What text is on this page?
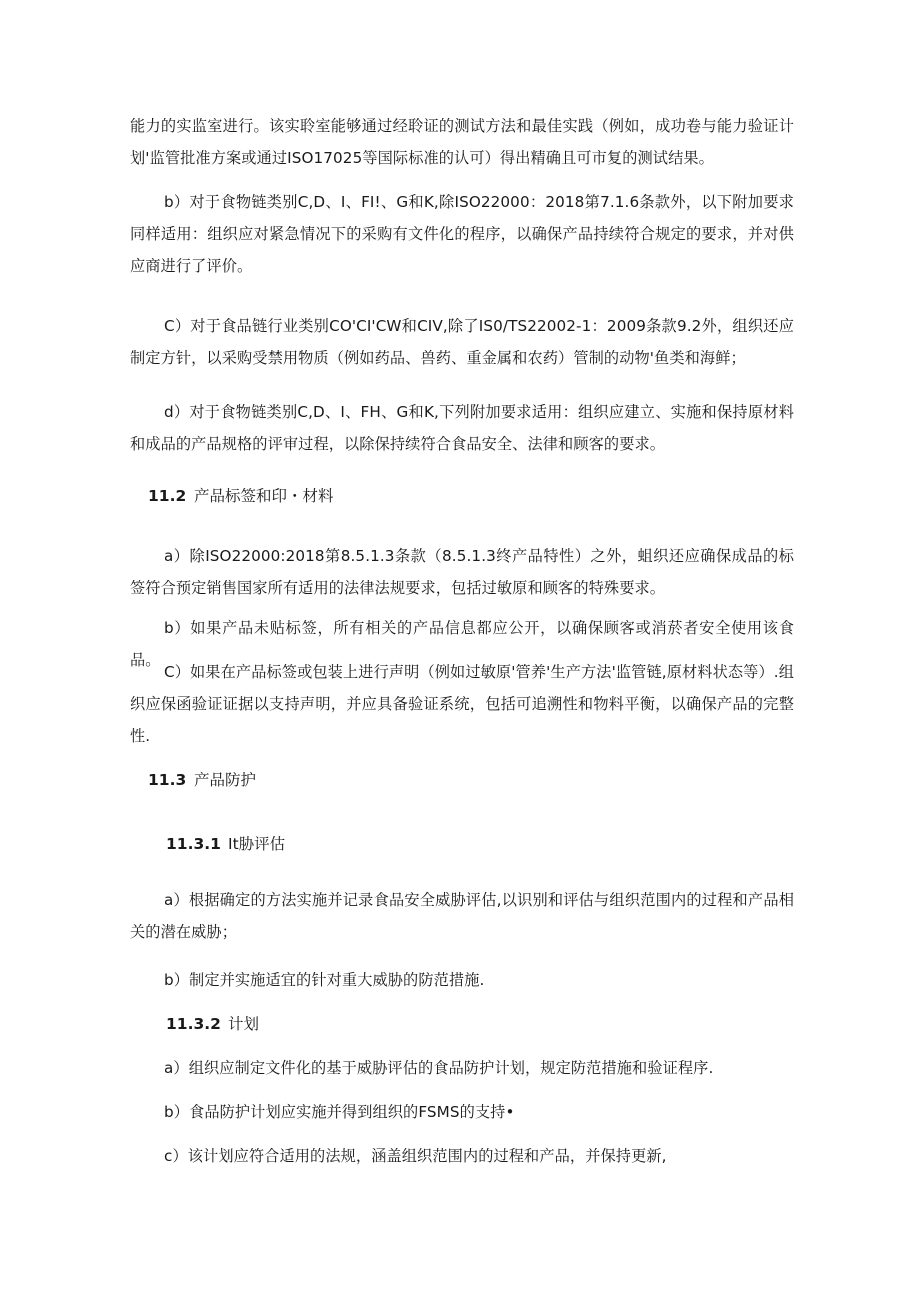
能力的实监室进行。该实聆室能够通过经聆证的测试方法和最佳实践（例如，成功卷与能力验证计划'监管批准方案或通过ISO17025等国际标准的认可）得出精确且可市复的测试结果。

b）对于食物链类别C,D、I、FI!、G和K,除ISO22000：2018第7.1.6条款外，以下附加要求同样适用：组织应对紧急情况下的采购有文件化的程序，以确保产品持续符合规定的要求，并对供应商进行了评价。

C）对于食品链行业类别CO'CI'CW和CIV,除了IS0/TS22002-1：2009条款9.2外，组织还应制定方针，以采购受禁用物质（例如药品、兽药、重金属和农药）管制的动物'鱼类和海鲜；

d）对于食物链类别C,D、I、FH、G和K,下列附加要求适用：组织应建立、实施和保持原材料和成品的产品规格的评审过程，以除保持续符合食品安全、法律和顾客的要求。

11.2 产品标签和印・材料

a）除ISO22000:2018第8.5.1.3条款（8.5.1.3终产品特性）之外，蛆织还应确保成品的标签符合预定销售国家所有适用的法律法规要求，包括过敏原和顾客的特殊要求。

b）如果产品未贴标签，所有相关的产品信息都应公开，以确保顾客或消菸者安全使用该食品。

C）如果在产品标签或包装上进行声明（例如过敏原'管养'生产方法'监管链,原材料状态等）.组织应保函验证证据以支持声明，并应具备验证系统，包括可追溯性和物料平衡，以确保产品的完整性.

11.3 产品防护
11.3.1 It胁评估

a）根据确定的方法实施并记录食品安全威胁评估,以识别和评估与组织范围内的过程和产品相关的潜在威胁；

b）制定并实施适宜的针对重大威胁的防范措施.

11.3.2 计划

a）组织应制定文件化的基于威胁评估的食品防护计划，规定防范措施和验证程序.

b）食品防护计划应实施并得到组织的FSMS的支持•

c）该计划应符合适用的法规，涵盖组织范围内的过程和产品，并保持更新,
